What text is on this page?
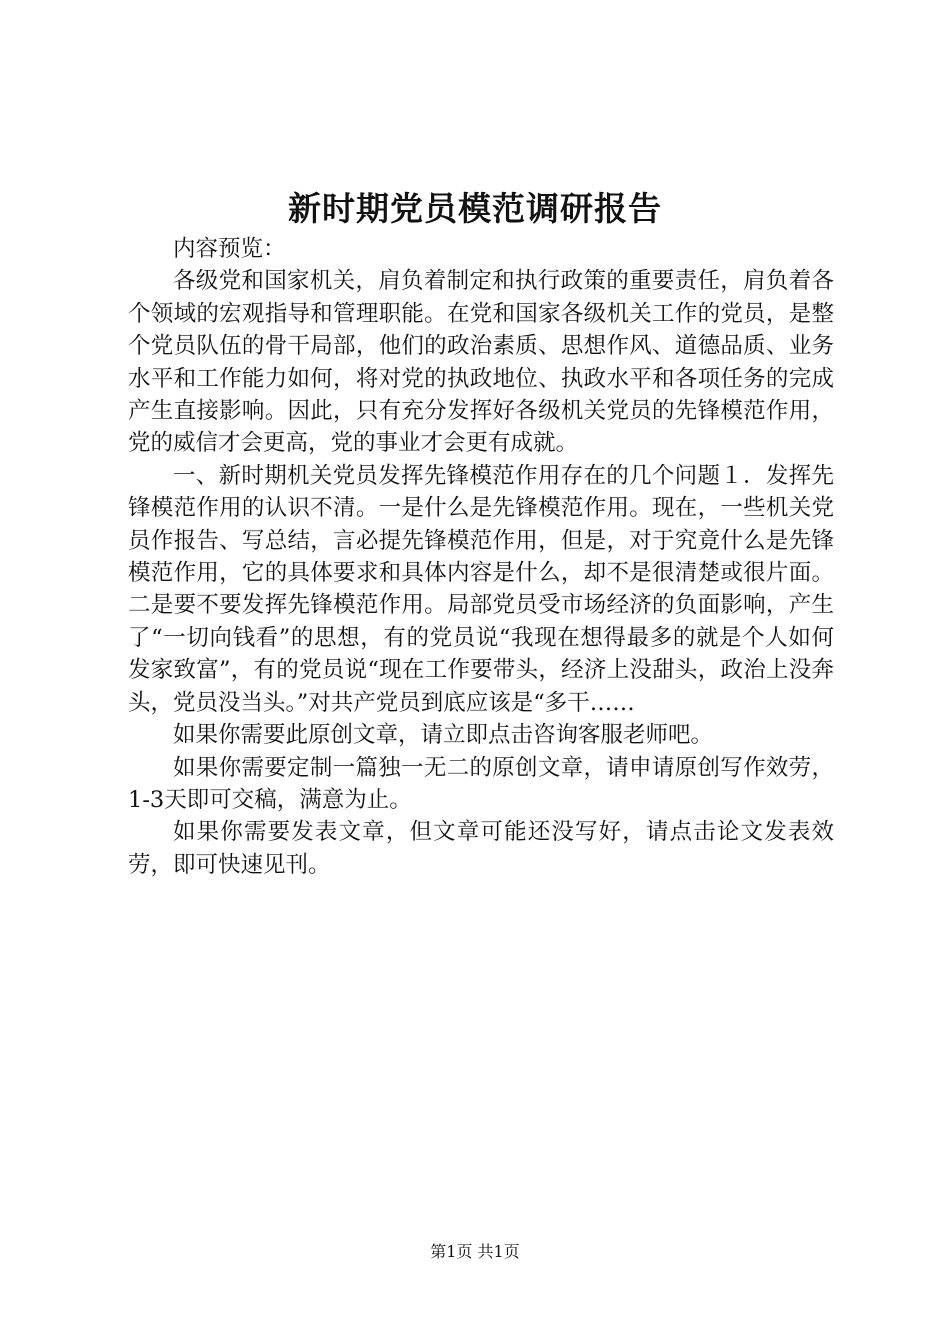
新时期党员模范调研报告

内容预览：

各级党和国家机关，肩负着制定和执行政策的重要责任，肩负着各个领域的宏观指导和管理职能。在党和国家各级机关工作的党员，是整个党员队伍的骨干局部，他们的政治素质、思想作风、道德品质、业务水平和工作能力如何，将对党的执政地位、执政水平和各项任务的完成产生直接影响。因此，只有充分发挥好各级机关党员的先锋模范作用，党的威信才会更高，党的事业才会更有成就。

一、新时期机关党员发挥先锋模范作用存在的几个问题１．发挥先锋模范作用的认识不清。一是什么是先锋模范作用。现在，一些机关党员作报告、写总结，言必提先锋模范作用，但是，对于究竟什么是先锋模范作用，它的具体要求和具体内容是什么，却不是很清楚或很片面。二是要不要发挥先锋模范作用。局部党员受市场经济的负面影响，产生了“一切向钱看”的思想，有的党员说“我现在想得最多的就是个人如何发家致富”，有的党员说“现在工作要带头，经济上没甜头，政治上没奔头，党员没当头。”对共产党员到底应该是“多干……

如果你需要此原创文章，请立即点击咨询客服老师吧。

如果你需要定制一篇独一无二的原创文章，请申请原创写作效劳，1-3天即可交稿，满意为止。

如果你需要发表文章，但文章可能还没写好，请点击论文发表效劳，即可快速见刊。

第1页 共1页
